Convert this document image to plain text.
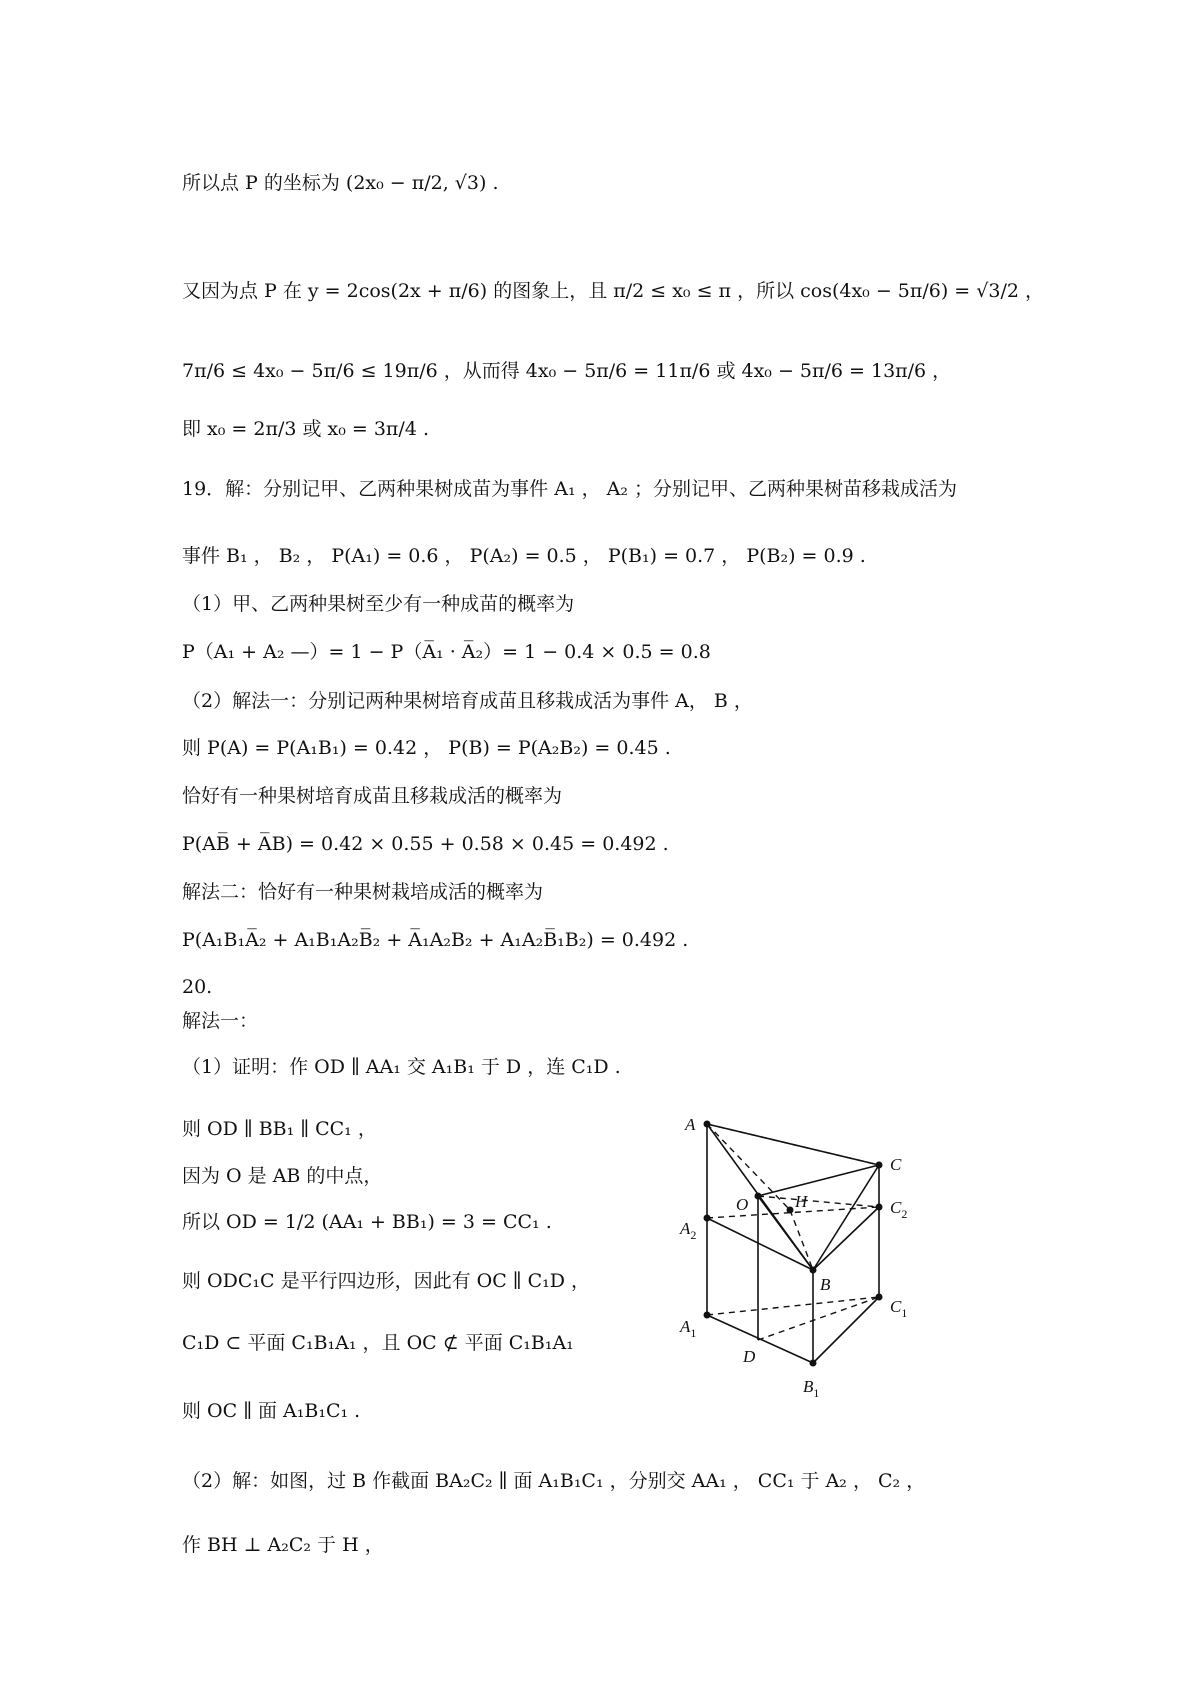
所以点 P 的坐标为 (2x₀ − π/2, √3) .
又因为点 P 在 y = 2cos(2x + π/6) 的图象上，且 π/2 ≤ x₀ ≤ π ，所以 cos(4x₀ − 5π/6) = √3/2 ，
7π/6 ≤ 4x₀ − 5π/6 ≤ 19π/6 ，从而得 4x₀ − 5π/6 = 11π/6 或 4x₀ − 5π/6 = 13π/6 ，
即 x₀ = 2π/3 或 x₀ = 3π/4 .
19．解：分别记甲、乙两种果树成苗为事件 A₁ ， A₂ ；分别记甲、乙两种果树苗移栽成活为
事件 B₁ ， B₂ ， P(A₁) = 0.6 ， P(A₂) = 0.5 ， P(B₁) = 0.7 ， P(B₂) = 0.9 .
（1）甲、乙两种果树至少有一种成苗的概率为
P（A₁ + A₂ —）= 1 − P（A̅₁ · A̅₂）= 1 − 0.4 × 0.5 = 0.8
（2）解法一：分别记两种果树培育成苗且移栽成活为事件 A， B ，
则 P(A) = P(A₁B₁) = 0.42 ， P(B) = P(A₂B₂) = 0.45 .
恰好有一种果树培育成苗且移栽成活的概率为
P(AB̅ + A̅B) = 0.42 × 0.55 + 0.58 × 0.45 = 0.492 .
解法二：恰好有一种果树栽培成活的概率为
P(A₁B₁A̅₂ + A₁B₁A₂B̅₂ + A̅₁A₂B₂ + A₁A₂B̅₁B₂) = 0.492 .
20.
解法一：
（1）证明：作 OD ∥ AA₁ 交 A₁B₁ 于 D ，连 C₁D .
则 OD ∥ BB₁ ∥ CC₁ ，
因为 O 是 AB 的中点，
所以 OD = 1/2 (AA₁ + BB₁) = 3 = CC₁ .
则 ODC₁C 是平行四边形，因此有 OC ∥ C₁D ，
C₁D ⊂ 平面 C₁B₁A₁ ，且 OC ⊄ 平面 C₁B₁A₁
则 OC ∥ 面 A₁B₁C₁ .
（2）解：如图，过 B 作截面 BA₂C₂ ∥ 面 A₁B₁C₁ ，分别交 AA₁ ， CC₁ 于 A₂ ， C₂ ，
作 BH ⊥ A₂C₂ 于 H ，
A
C
O	H
$A_2$
$C_2$
B
$C_1$
$A_1$
D
$B_1$
